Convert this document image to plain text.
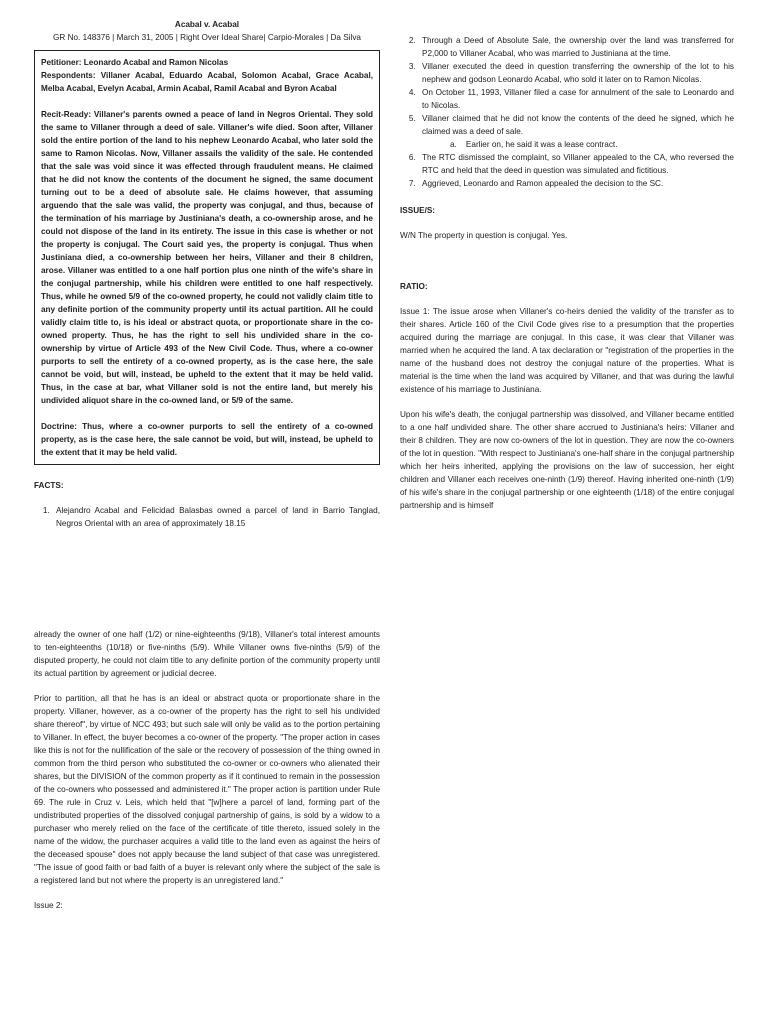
Acabal v. Acabal
GR No. 148376 | March 31, 2005 | Right Over Ideal Share| Carpio-Morales | Da Silva

Petitioner: Leonardo Acabal and Ramon Nicolas

Respondents: Villaner Acabal, Eduardo Acabal, Solomon Acabal, Grace Acabal, Melba Acabal, Evelyn Acabal, Armin Acabal, Ramil Acabal and Byron Acabal

Recit-Ready: Villaner's parents owned a peace of land in Negros Oriental. They sold the same to Villaner through a deed of sale. Villaner's wife died. Soon after, Villaner sold the entire portion of the land to his nephew Leonardo Acabal, who later sold the same to Ramon Nicolas. Now, Villaner assails the validity of the sale. He contended that the sale was void since it was effected through fraudulent means. He claimed that he did not know the contents of the document he signed, the same document turning out to be a deed of absolute sale. He claims however, that assuming arguendo that the sale was valid, the property was conjugal, and thus, because of the termination of his marriage by Justiniana's death, a co-ownership arose, and he could not dispose of the land in its entirety. The issue in this case is whether or not the property is conjugal. The Court said yes, the property is conjugal. Thus when Justiniana died, a co-ownership between her heirs, Villaner and their 8 children, arose. Villaner was entitled to a one half portion plus one ninth of the wife's share in the conjugal partnership, while his children were entitled to one half respectively. Thus, while he owned 5/9 of the co-owned property, he could not validly claim title to any definite portion of the community property until its actual partition. All he could validly claim title to, is his ideal or abstract quota, or proportionate share in the co-owned property. Thus, he has the right to sell his undivided share in the co-ownership by virtue of Article 493 of the New Civil Code. Thus, where a co-owner purports to sell the entirety of a co-owned property, as is the case here, the sale cannot be void, but will, instead, be upheld to the extent that it may be held valid. Thus, in the case at bar, what Villaner sold is not the entire land, but merely his undivided aliquot share in the co-owned land, or 5/9 of the same.

Doctrine: Thus, where a co-owner purports to sell the entirety of a co-owned property, as is the case here, the sale cannot be void, but will, instead, be upheld to the extent that it may be held valid.

FACTS:
1. Alejandro Acabal and Felicidad Balasbas owned a parcel of land in Barrio Tanglad, Negros Oriental with an area of approximately 18.15
2. Through a Deed of Absolute Sale, the ownership over the land was transferred for P2,000 to Villaner Acabal, who was married to Justiniana at the time.
3. Villaner executed the deed in question transferring the ownership of the lot to his nephew and godson Leonardo Acabal, who sold it later on to Ramon Nicolas.
4. On October 11, 1993, Villaner filed a case for annulment of the sale to Leonardo and to Nicolas.
5. Villaner claimed that he did not know the contents of the deed he signed, which he claimed was a deed of sale.
a.    Earlier on, he said it was a lease contract.
6. The RTC dismissed the complaint, so Villaner appealed to the CA, who reversed the RTC and held that the deed in question was simulated and fictitious.
7. Aggrieved, Leonardo and Ramon appealed the decision to the SC.
ISSUE/S:

W/N The property in question is conjugal. Yes.

RATIO:

Issue 1: The issue arose when Villaner's co-heirs denied the validity of the transfer as to their shares. Article 160 of the Civil Code gives rise to a presumption that the properties acquired during the marriage are conjugal. In this case, it was clear that Villaner was married when he acquired the land. A tax declaration or "registration of the properties in the name of the husband does not destroy the conjugal nature of the properties. What is material is the time when the land was acquired by Villaner, and that was during the lawful existence of his marriage to Justiniana.

Upon his wife's death, the conjugal partnership was dissolved, and Villaner became entitled to a one half undivided share. The other share accrued to Justiniana's heirs: Villaner and their 8 children. They are now co-owners of the lot in question. They are now the co-owners of the lot in question. "With respect to Justiniana's one-half share in the conjugal partnership which her heirs inherited, applying the provisions on the law of succession, her eight children and Villaner each receives one-ninth (1/9) thereof. Having inherited one-ninth (1/9) of his wife's share in the conjugal partnership or one eighteenth (1/18) of the entire conjugal partnership and is himself

already the owner of one half (1/2) or nine-eighteenths (9/18), Villaner's total interest amounts to ten-eighteenths (10/18) or five-ninths (5/9). While Villaner owns five-ninths (5/9) of the disputed property, he could not claim title to any definite portion of the community property until its actual partition by agreement or judicial decree.

Prior to partition, all that he has is an ideal or abstract quota or proportionate share in the property. Villaner, however, as a co-owner of the property has the right to sell his undivided share thereof", by virtue of NCC 493; but such sale will only be valid as to the portion pertaining to Villaner. In effect, the buyer becomes a co-owner of the property. "The proper action in cases like this is not for the nullification of the sale or the recovery of possession of the thing owned in common from the third person who substituted the co-owner or co-owners who alienated their shares, but the DIVISION of the common property as if it continued to remain in the possession of the co-owners who possessed and administered it." The proper action is partition under Rule 69. The rule in Cruz v. Leis, which held that "[w]here a parcel of land, forming part of the undistributed properties of the dissolved conjugal partnership of gains, is sold by a widow to a purchaser who merely relied on the face of the certificate of title thereto, issued solely in the name of the widow, the purchaser acquires a valid title to the land even as against the heirs of the deceased spouse" does not apply because the land subject of that case was unregistered. "The issue of good faith or bad faith of a buyer is relevant only where the subject of the sale is a registered land but not where the property is an unregistered land."

Issue 2:
